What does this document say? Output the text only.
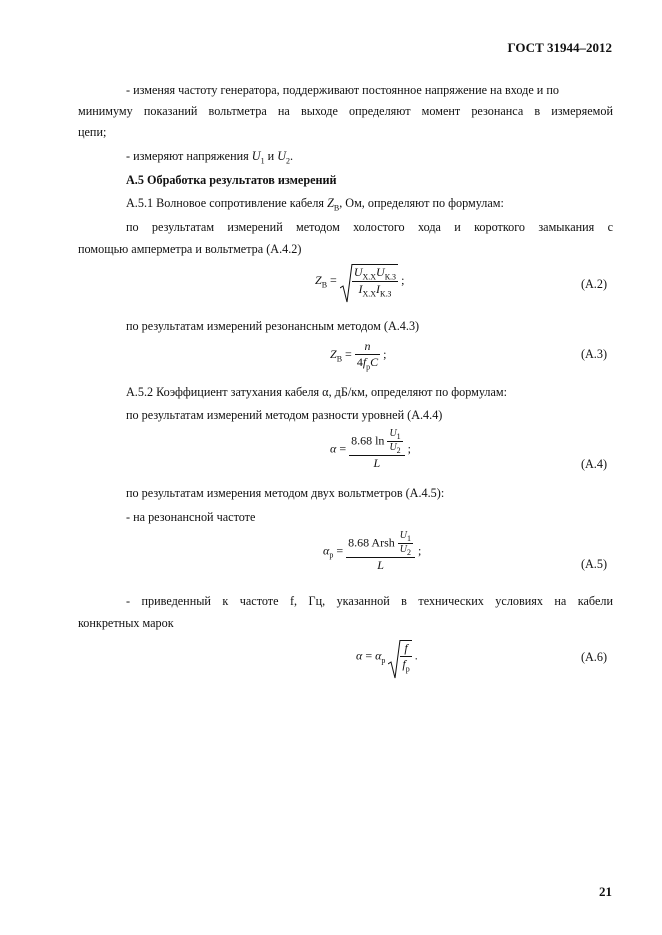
ГОСТ 31944–2012
- изменяя частоту генератора, поддерживают постоянное напряжение на входе и по
минимуму показаний вольтметра на выходе определяют момент резонанса в измеряемой
цепи;
- измеряют напряжения $U_1$ и $U_2$.
А.5 Обработка результатов измерений
А.5.1 Волновое сопротивление кабеля $Z_В$, Ом, определяют по формулам:
по результатам измерений методом холостого хода и короткого замыкания с
помощью амперметра и вольтметра (А.4.2)
$Z_В = \frac{U_{Х.Х}U_{К.З}}{I_{Х.Х}I_{К.З}}$ ;	(А.2)
по результатам измерений резонансным методом (А.4.3)
$Z_В = \frac{n}{4f_рC}$ ;	(А.3)
А.5.2 Коэффициент затухания кабеля α, дБ/км, определяют по формулам:
по результатам измерений методом разности уровней (А.4.4)
$\alpha = \frac{8.68 \ln \frac{U_1}{U_2}}{L}$ ;
(А.4)
по результатам измерения методом двух вольтметров (А.4.5):
- на резонансной частоте
$\alpha_р = \frac{8.68 Arsh \frac{U_1}{U_2}}{L}$ ;
(А.5)
- приведенный к частоте f, Гц, указанной в технических условиях на кабели
конкретных марок
$\alpha = \alpha_р \frac{f}{f_р}$ .	(А.6)
21
